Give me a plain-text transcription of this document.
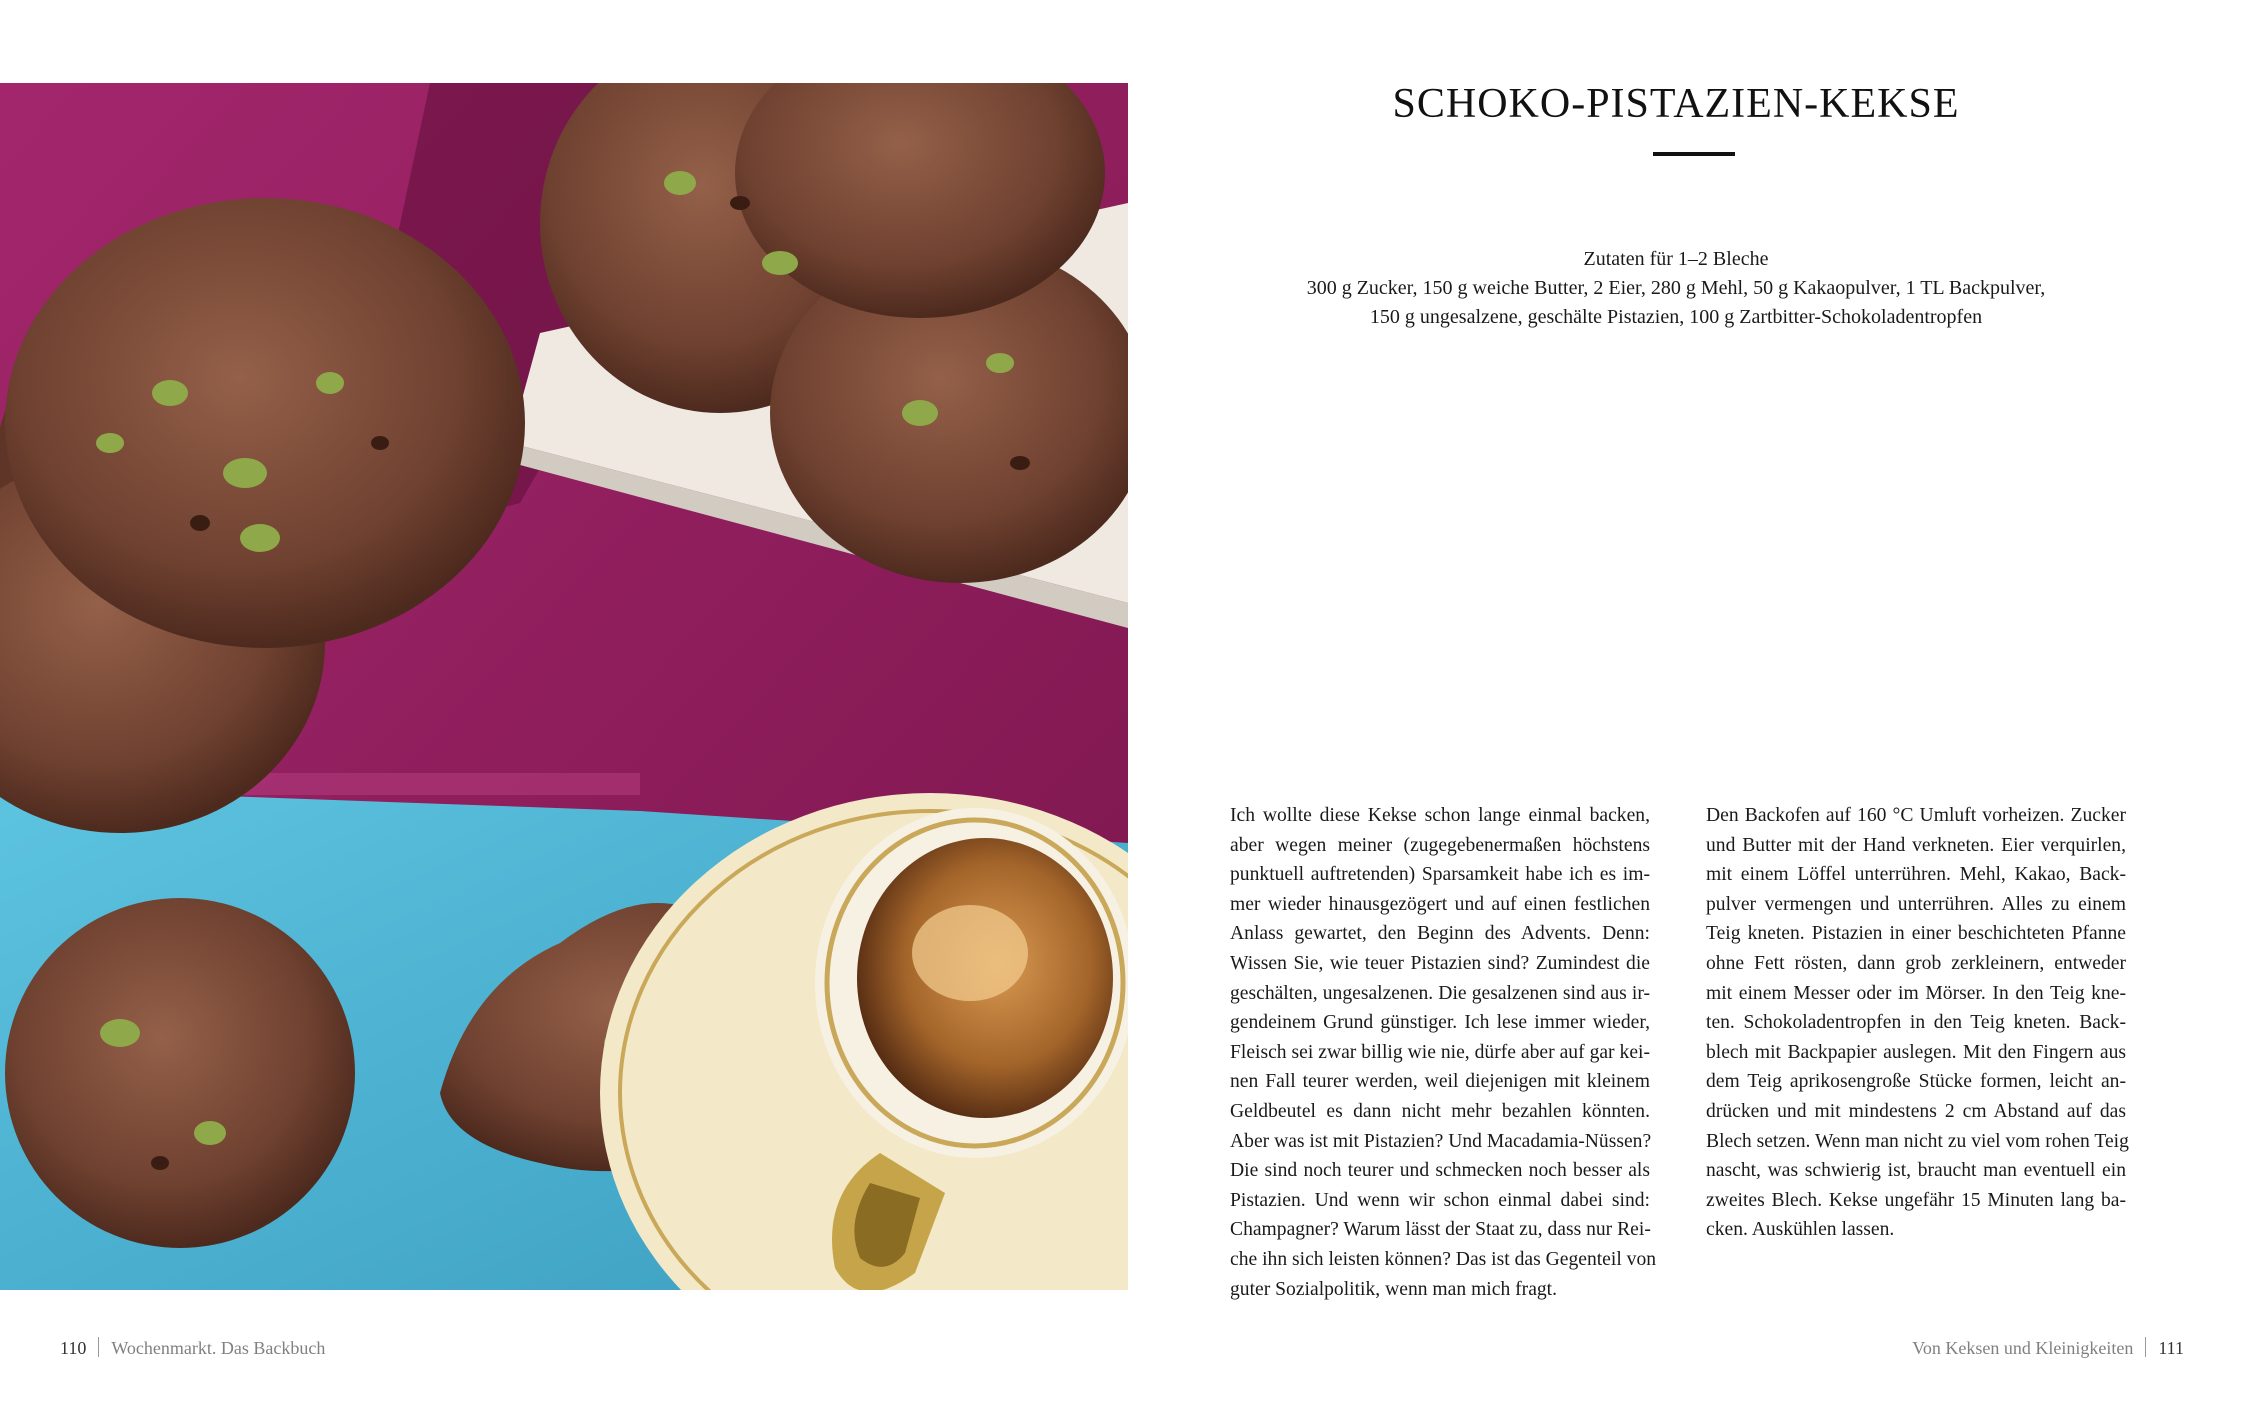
SCHOKO-PISTAZIEN-KEKSE
Zutaten für 1–2 Bleche
300 g Zucker, 150 g weiche Butter, 2 Eier, 280 g Mehl, 50 g Kakaopulver, 1 TL Backpulver,
150 g ungesalzene, geschälte Pistazien, 100 g Zartbitter-Schokoladentropfen
Ich wollte diese Kekse schon lange einmal backen,
aber wegen meiner (zugegebenermaßen höchstens
punktuell auftretenden) Sparsamkeit habe ich es im-
mer wieder hinausgezögert und auf einen festlichen
Anlass gewartet, den Beginn des Advents. Denn:
Wissen Sie, wie teuer Pistazien sind? Zumindest die
geschälten, ungesalzenen. Die gesalzenen sind aus ir-
gendeinem Grund günstiger. Ich lese immer wieder,
Fleisch sei zwar billig wie nie, dürfe aber auf gar kei-
nen Fall teurer werden, weil diejenigen mit kleinem
Geldbeutel es dann nicht mehr bezahlen könnten.
Aber was ist mit Pistazien? Und Macadamia-Nüssen?
Die sind noch teurer und schmecken noch besser als
Pistazien. Und wenn wir schon einmal dabei sind:
Champagner? Warum lässt der Staat zu, dass nur Rei-
che ihn sich leisten können? Das ist das Gegenteil von
guter Sozialpolitik, wenn man mich fragt.
Den Backofen auf 160 °C Umluft vorheizen. Zucker
und Butter mit der Hand verkneten. Eier verquirlen,
mit einem Löffel unterrühren. Mehl, Kakao, Back-
pulver vermengen und unterrühren. Alles zu einem
Teig kneten. Pistazien in einer beschichteten Pfanne
ohne Fett rösten, dann grob zerkleinern, entweder
mit einem Messer oder im Mörser. In den Teig kne-
ten. Schokoladentropfen in den Teig kneten. Back-
blech mit Backpapier auslegen. Mit den Fingern aus
dem Teig aprikosengroße Stücke formen, leicht an-
drücken und mit mindestens 2 cm Abstand auf das
Blech setzen. Wenn man nicht zu viel vom rohen Teig
nascht, was schwierig ist, braucht man eventuell ein
zweites Blech. Kekse ungefähr 15 Minuten lang ba-
cken. Auskühlen lassen.
110 Wochenmarkt. Das Backbuch	Von Keksen und Kleinigkeiten 111
